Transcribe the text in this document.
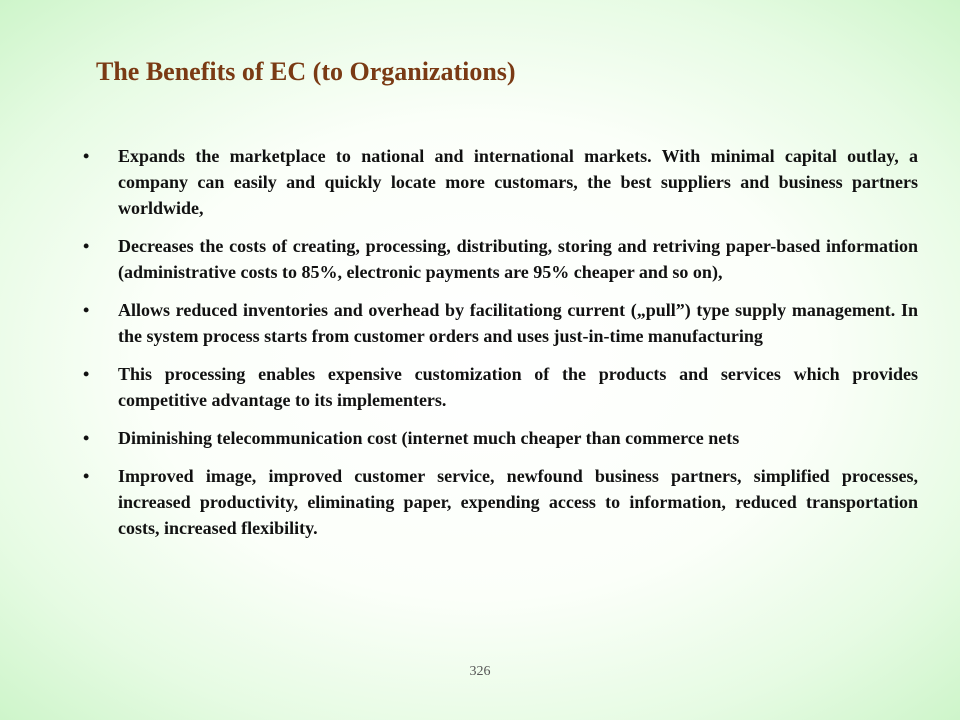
The Benefits of EC (to Organizations)
• Expands the marketplace to national and international markets. With minimal capital outlay, a company can easily and quickly locate more customars, the best suppliers and business partners worldwide,
• Decreases the costs of creating, processing, distributing, storing and retriving paper-based information (administrative costs to 85%, electronic payments are 95% cheaper and so on),
• Allows reduced inventories and overhead by facilitationg current („pull”) type supply management. In the system process starts from customer orders and uses just-in-time manufacturing
• This processing enables expensive customization of the products and services which provides competitive advantage to its implementers.
• Diminishing telecommunication cost (internet much cheaper than commerce nets
• Improved image, improved customer service, newfound business partners, simplified processes, increased productivity, eliminating paper, expending access to information, reduced transportation costs, increased flexibility.
326
